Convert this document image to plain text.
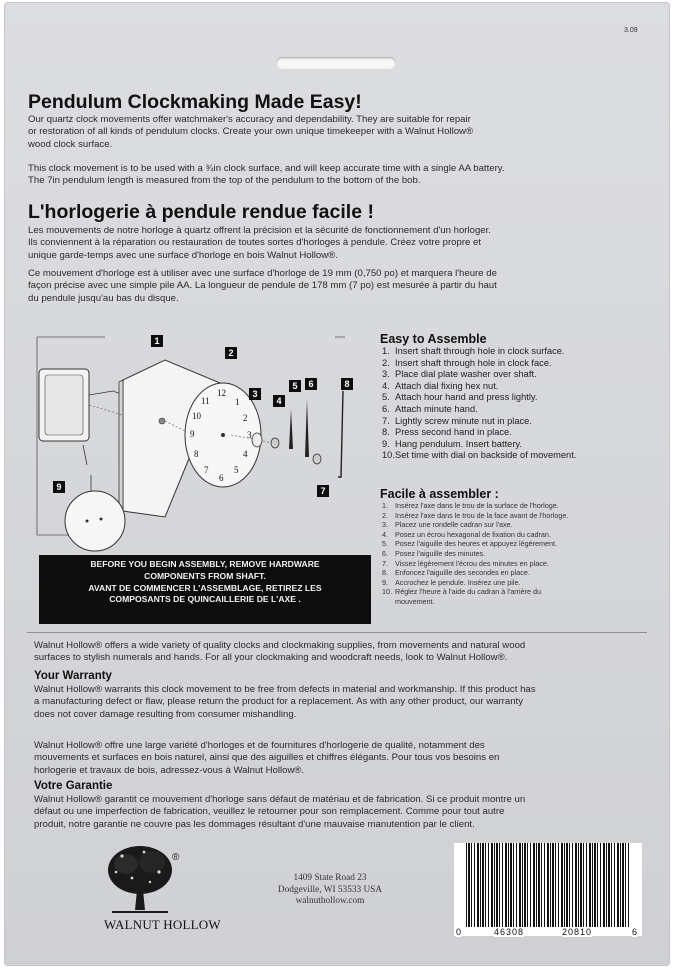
3.09
Pendulum Clockmaking Made Easy!
Our quartz clock movements offer watchmaker's accuracy and dependability. They are suitable for repair
or restoration of all kinds of pendulum clocks. Create your own unique timekeeper with a Walnut Hollow®
wood clock surface.
This clock movement is to be used with a ¾in clock surface, and will keep accurate time with a single AA battery.
The 7in pendulum length is measured from the top of the pendulum to the bottom of the bob.
L'horlogerie à pendule rendue facile !
Les mouvements de notre horloge à quartz offrent la précision et la sécurité de fonctionnement d'un horloger.
Ils conviennent à la réparation ou restauration de toutes sortes d'horloges à pendule. Créez votre propre et
unique garde-temps avec une surface d'horloge en bois Walnut Hollow®.
Ce mouvement d'horloge est à utiliser avec une surface d'horloge de 19 mm (0,750 po) et marquera l'heure de
façon précise avec une simple pile AA. La longueur de pendule de 178 mm (7 po) est mesurée à partir du haut
du pendule jusqu'au bas du disque.
12
1
2
3
4
5
6
7
8
9
10
11
1
2
3
4
5	6
7
8
9

BEFORE YOU BEGIN ASSEMBLY, REMOVE HARDWARE

COMPONENTS FROM SHAFT.

AVANT DE COMMENCER L'ASSEMBLAGE, RETIREZ LES

COMPOSANTS DE QUINCAILLERIE DE L'AXE .

Easy to Assemble
1. Insert shaft through hole in clock surface.
2. Insert shaft through hole in clock face.
3. Place dial plate washer over shaft.
4. Attach dial fixing hex nut.
5. Attach hour hand and press lightly.
6. Attach minute hand.
7. Lightly screw minute nut in place.
8. Press second hand in place.
9. Hang pendulum. Insert battery.
10.Set time with dial on backside of movement.
Facile à assembler :
1. Insérez l'axe dans le trou de la surface de l'horloge.
2. Insérez l'axe dans le trou de la face avant de l'horloge.
3. Placez une rondelle cadran sur l'axe.
4. Posez un écrou hexagonal de fixation du cadran.
5. Posez l'aiguille des heures et appuyez légèrement.
6. Posez l'aiguille des minutes.
7. Vissez légèrement l'écrou des minutes en place.
8. Enfoncez l'aiguille des secondes en place.
9. Accrochez le pendule. Insérez une pile.
10. Réglez l'heure à l'aide du cadran à l'arrière du
mouvement.
Walnut Hollow® offers a wide variety of quality clocks and clockmaking supplies, from movements and natural wood
surfaces to stylish numerals and hands. For all your clockmaking and woodcraft needs, look to Walnut Hollow®.
Your Warranty
Walnut Hollow® warrants this clock movement to be free from defects in material and workmanship. If this product has
a manufacturing defect or flaw, please return the product for a replacement. As with any other product, our warranty
does not cover damage resulting from consumer mishandling.
Walnut Hollow® offre une large variété d'horloges et de fournitures d'horlogerie de qualité, notamment des
mouvements et surfaces en bois naturel, ainsi que des aiguilles et chiffres élégants. Pour tous vos besoins en
horlogerie et travaux de bois, adressez-vous à Walnut Hollow®.
Votre Garantie
Walnut Hollow® garantit ce mouvement d'horloge sans défaut de matériau et de fabrication. Si ce produit montre un
défaut ou une imperfection de fabrication, veuillez le retourner pour son remplacement. Comme pour tout autre
produit, notre garantie ne couvre pas les dommages résultant d'une mauvaise manutention par le client.
®
WALNUT HOLLOW
1409 State Road 23
Dodgeville, WI 53533 USA
walnuthollow.com
0	46308	20810	6
